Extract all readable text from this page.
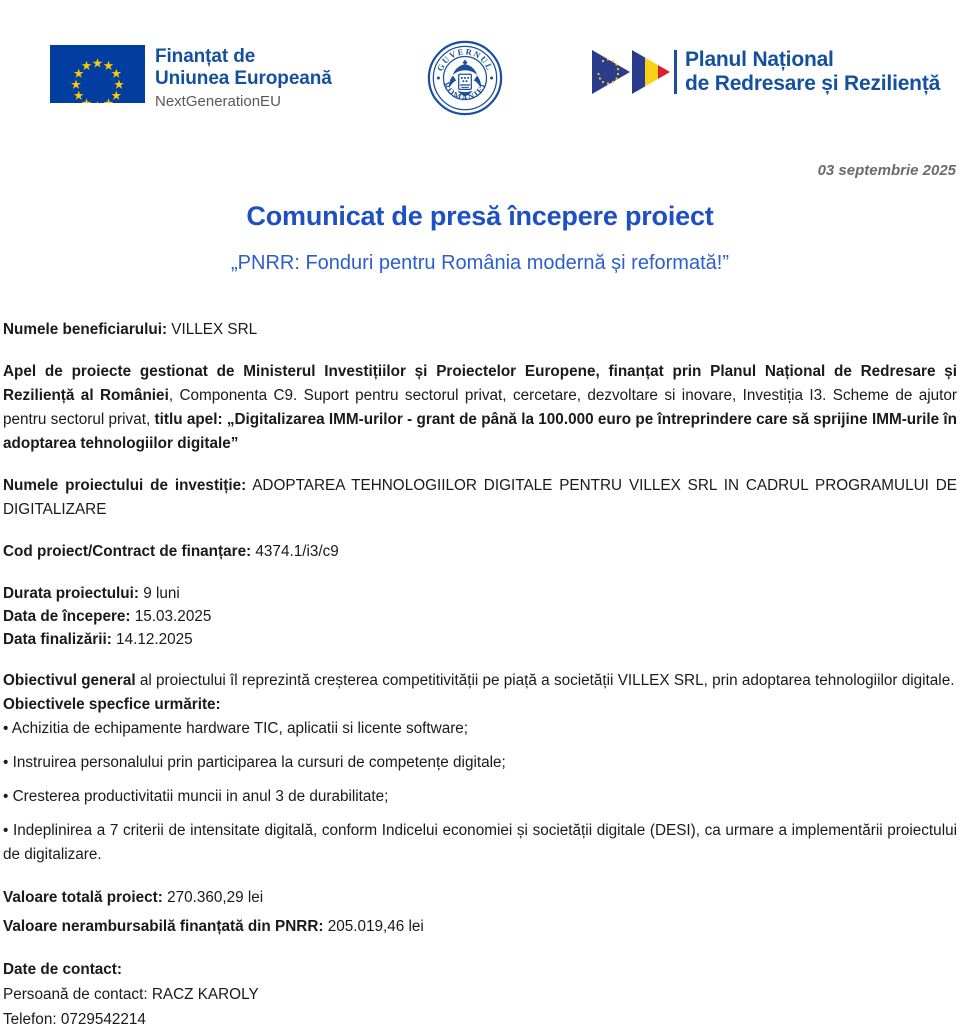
Finanțat de
Uniunea Europeană
NextGenerationEU
GUVERNUL
ROMÂNIEI
Planul Național
de Redresare și Reziliență
03 septembrie 2025
Comunicat de presă începere proiect
„PNRR: Fonduri pentru România modernă și reformată!”

Numele beneficiarului: VILLEX SRL

Apel de proiecte gestionat de Ministerul Investițiilor și Proiectelor Europene, finanțat prin Planul Național de Redresare și Reziliență al României, Componenta C9. Suport pentru sectorul privat, cercetare, dezvoltare si inovare, Investiția I3. Scheme de ajutor pentru sectorul privat, titlu apel: „Digitalizarea IMM-urilor - grant de până la 100.000 euro pe întreprindere care să sprijine IMM-urile în adoptarea tehnologiilor digitale”

Numele proiectului de investiție: ADOPTAREA TEHNOLOGIILOR DIGITALE PENTRU VILLEX SRL IN CADRUL PROGRAMULUI DE DIGITALIZARE

Cod proiect/Contract de finanțare: 4374.1/i3/c9

Durata proiectului: 9 luni

Data de începere: 15.03.2025

Data finalizării: 14.12.2025

Obiectivul general al proiectului îl reprezintă creșterea competitivității pe piață a societății VILLEX SRL, prin adoptarea tehnologiilor digitale.

Obiectivele specfice urmărite:

• Achizitia de echipamente hardware TIC, aplicatii si licente software;

• Instruirea personalului prin participarea la cursuri de competențe digitale;

• Cresterea productivitatii muncii in anul 3 de durabilitate;

• Indeplinirea a 7 criterii de intensitate digitală, conform Indicelui economiei și societății digitale (DESI), ca urmare a implementării proiectului de digitalizare.

Valoare totală proiect: 270.360,29 lei

Valoare nerambursabilă finanțată din PNRR: 205.019,46 lei

Date de contact:

Persoană de contact: RACZ KAROLY

Telefon: 0729542214
